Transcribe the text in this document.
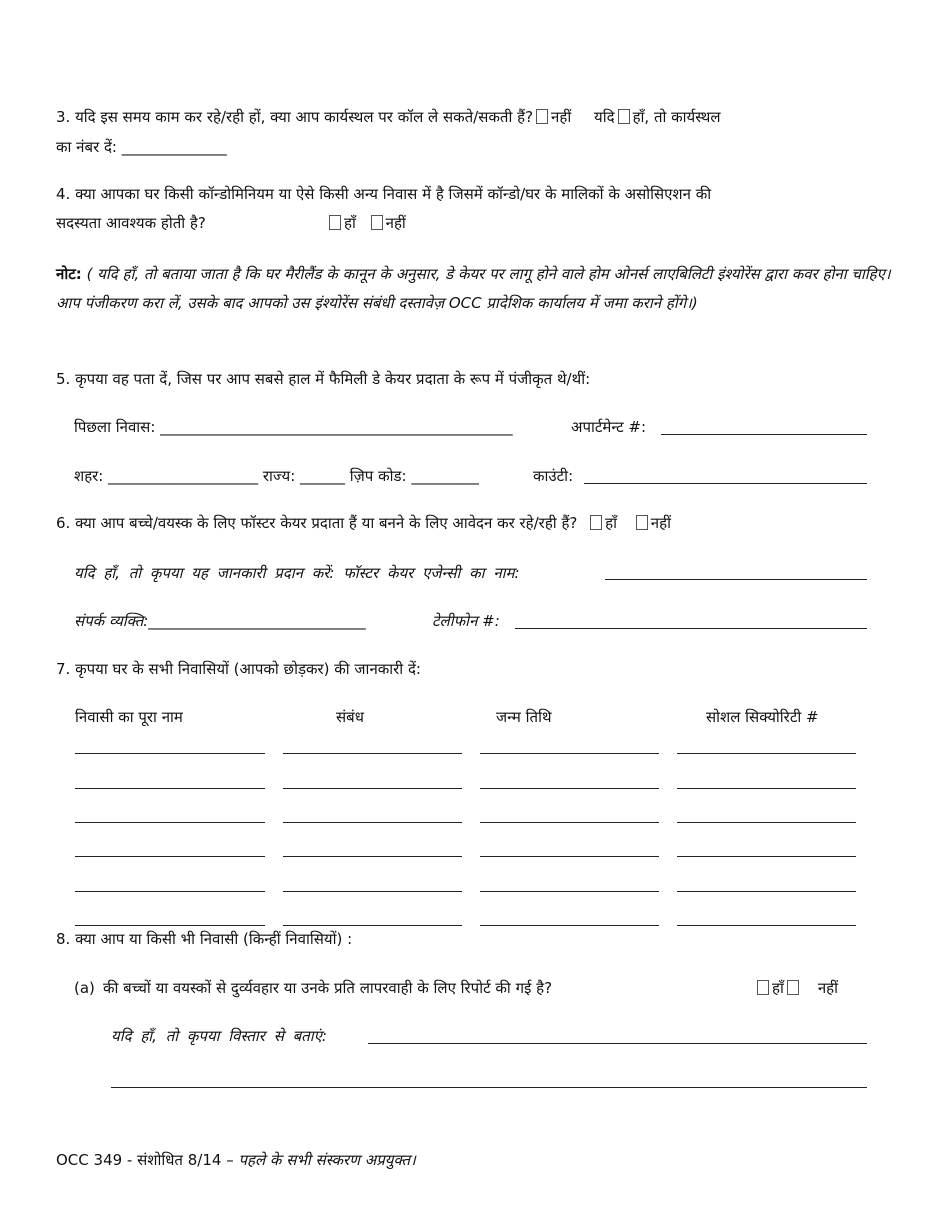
3. यदि इस समय काम कर रहे/रही हों, क्या आप कार्यस्थल पर कॉल ले सकते/सकती हैं? नहीं यदि हाँ, तो कार्यस्थल
का नंबर दें: ______________
4. क्या आपका घर किसी कॉन्डोमिनियम या ऐसे किसी अन्य निवास में है जिसमें कॉन्डो/घर के मालिकों के असोसिएशन की
सदस्यता आवश्यक होती है?	हाँ नहीं
नोट: ( यदि हाँ, तो बताया जाता है कि घर मैरीलैंड के कानून के अनुसार, डे केयर पर लागू होने वाले होम ओनर्स लाएबिलिटी इंश्योरेंस द्वारा कवर होना चाहिए। आप पंजीकरण करा लें, उसके बाद आपको उस इंश्योरेंस संबंधी दस्तावेज़ OCC प्रादेशिक कार्यालय में जमा कराने होंगे।)
5. कृपया वह पता दें, जिस पर आप सबसे हाल में फैमिली डे केयर प्रदाता के रूप में पंजीकृत थे/थीं:
पिछला निवास: _______________________________________________	अपार्टमेन्ट #:
शहर: ____________________ राज्य: ______ ज़िप कोड: _________	काउंटी:
6. क्या आप बच्चे/वयस्क के लिए फॉस्टर केयर प्रदाता हैं या बनने के लिए आवेदन कर रहे/रही हैं? हाँ नहीं
यदि हाँ, तो कृपया यह जानकारी प्रदान करें: फॉस्टर केयर एजेन्सी का नाम:
संपर्क व्यक्ति:_____________________________	टेलीफोन #:
7. कृपया घर के सभी निवासियों (आपको छोड़कर) की जानकारी दें:
निवासी का पूरा नाम	संबंध	जन्म तिथि	सोशल सिक्योरिटी #
8. क्या आप या किसी भी निवासी (किन्हीं निवासियों) :
(a) की बच्चों या वयस्कों से दुर्व्यवहार या उनके प्रति लापरवाही के लिए रिपोर्ट की गई है?	हाँ नहीं
यदि हाँ, तो कृपया विस्तार से बताएं:
OCC 349 - संशोधित 8/14 – पहले के सभी संस्करण अप्रयुक्त।
